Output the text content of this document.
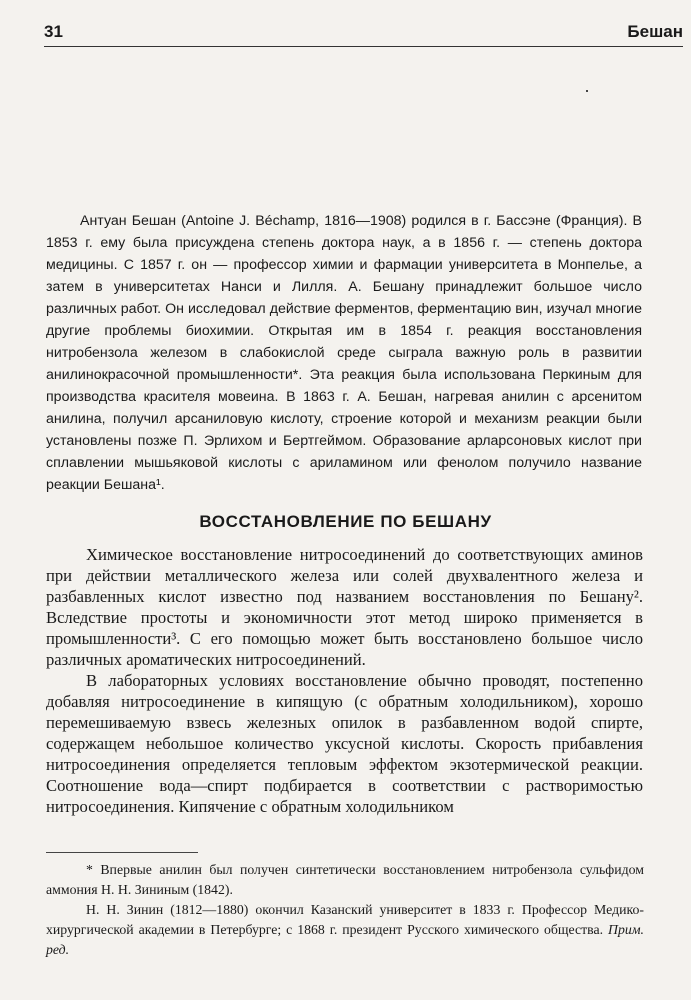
31	Бешан

Антуан Бешан (Antoine J. Béchamp, 1816—1908) родился в г. Бассэне (Франция). В 1853 г. ему была присуждена степень доктора наук, а в 1856 г. — степень доктора медицины. С 1857 г. он — профессор химии и фармации университета в Монпелье, а затем в университетах Нанси и Лилля. А. Бешану принадлежит большое число различных работ. Он исследовал действие ферментов, ферментацию вин, изучал многие другие проблемы биохимии. Открытая им в 1854 г. реакция восстановления нитробензола железом в слабокислой среде сыграла важную роль в развитии анилинокрасочной промышленности*. Эта реакция была использована Перкиным для производства красителя мовеина. В 1863 г. А. Бешан, нагревая анилин с арсенитом анилина, получил арсаниловую кислоту, строение которой и механизм реакции были установлены позже П. Эрлихом и Бертгеймом. Образование арларсоновых кислот при сплавлении мышьяковой кислоты с ариламином или фенолом получило название реакции Бешана¹.

ВОССТАНОВЛЕНИЕ ПО БЕШАНУ

Химическое восстановление нитросоединений до соответствующих аминов при действии металлического железа или солей двухвалентного железа и разбавленных кислот известно под названием восстановления по Бешану². Вследствие простоты и экономичности этот метод широко применяется в промышленности³. С его помощью может быть восстановлено большое число различных ароматических нитросоединений.

В лабораторных условиях восстановление обычно проводят, постепенно добавляя нитросоединение в кипящую (с обратным холодильником), хорошо перемешиваемую взвесь железных опилок в разбавленном водой спирте, содержащем небольшое количество уксусной кислоты. Скорость прибавления нитросоединения определяется тепловым эффектом экзотермической реакции. Соотношение вода—спирт подбирается в соответствии с растворимостью нитросоединения. Кипячение с обратным холодильником

* Впервые анилин был получен синтетически восстановлением нитробензола сульфидом аммония Н. Н. Зининым (1842).

Н. Н. Зинин (1812—1880) окончил Казанский университет в 1833 г. Профессор Медико-хирургической академии в Петербурге; с 1868 г. президент Русского химического общества. Прим. ред.
